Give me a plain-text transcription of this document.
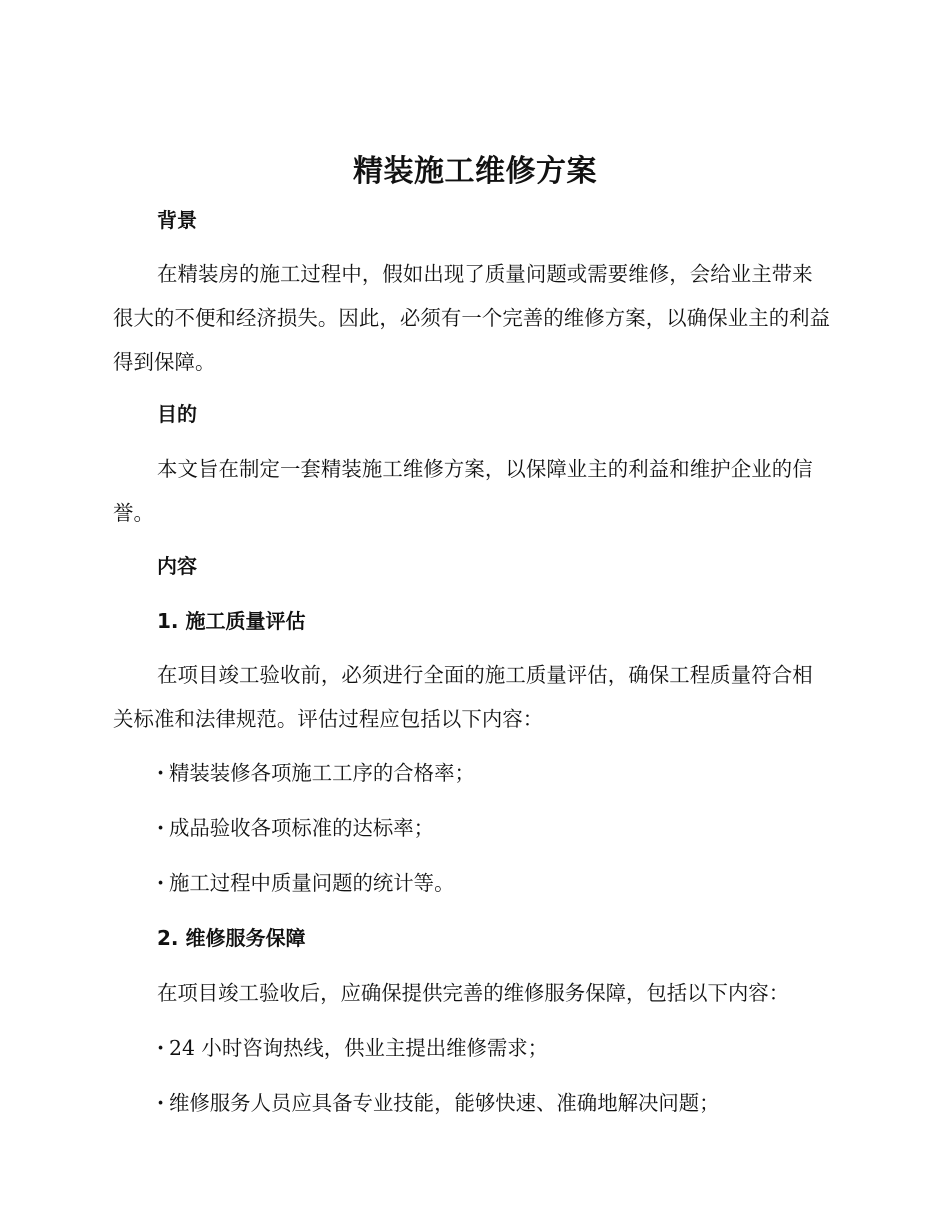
精装施工维修方案
背景

在精装房的施工过程中，假如出现了质量问题或需要维修，会给业主带来很大的不便和经济损失。因此，必须有一个完善的维修方案，以确保业主的利益得到保障。

目的

本文旨在制定一套精装施工维修方案，以保障业主的利益和维护企业的信誉。

内容
1. 施工质量评估

在项目竣工验收前，必须进行全面的施工质量评估，确保工程质量符合相关标准和法律规范。评估过程应包括以下内容：

· 精装装修各项施工工序的合格率；

· 成品验收各项标准的达标率；

· 施工过程中质量问题的统计等。

2. 维修服务保障

在项目竣工验收后，应确保提供完善的维修服务保障，包括以下内容：

· 24 小时咨询热线，供业主提出维修需求；

· 维修服务人员应具备专业技能，能够快速、准确地解决问题；
